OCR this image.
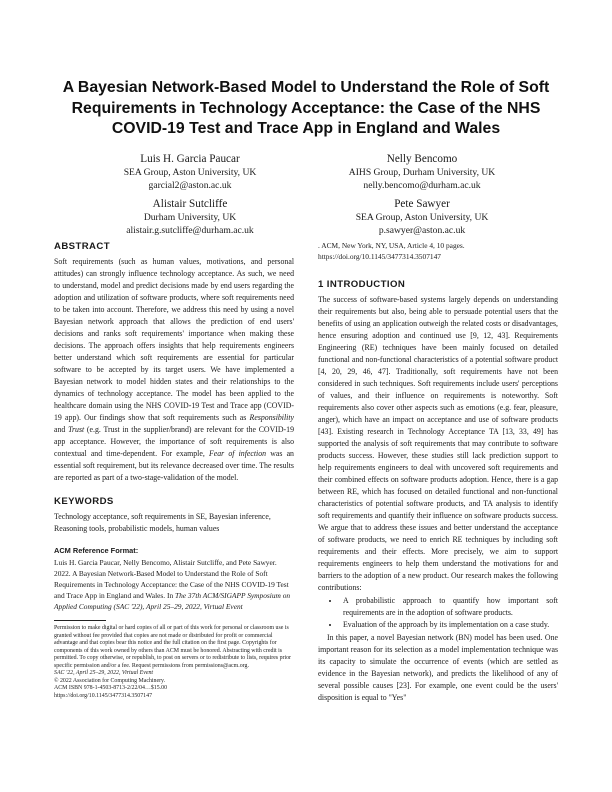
A Bayesian Network-Based Model to Understand the Role of Soft
Requirements in Technology Acceptance: the Case of the NHS
COVID-19 Test and Trace App in England and Wales
Luis H. Garcia Paucar
SEA Group, Aston University, UK
garcial2@aston.ac.uk
Nelly Bencomo
AIHS Group, Durham University, UK
nelly.bencomo@durham.ac.uk
Alistair Sutcliffe
Durham University, UK
alistair.g.sutcliffe@durham.ac.uk
Pete Sawyer
SEA Group, Aston University, UK
p.sawyer@aston.ac.uk
ABSTRACT

Soft requirements (such as human values, motivations, and personal attitudes) can strongly influence technology acceptance. As such, we need to understand, model and predict decisions made by end users regarding the adoption and utilization of software products, where soft requirements need to be taken into account. Therefore, we address this need by using a novel Bayesian network approach that allows the prediction of end users' decisions and ranks soft requirements' importance when making these decisions. The approach offers insights that help requirements engineers better understand which soft requirements are essential for particular software to be accepted by its target users. We have implemented a Bayesian network to model hidden states and their relationships to the dynamics of technology acceptance. The model has been applied to the healthcare domain using the NHS COVID-19 Test and Trace app (COVID-19 app). Our findings show that soft requirements such as Responsibility and Trust (e.g. Trust in the supplier/brand) are relevant for the COVID-19 app acceptance. However, the importance of soft requirements is also contextual and time-dependent. For example, Fear of infection was an essential soft requirement, but its relevance decreased over time. The results are reported as part of a two-stage-validation of the model.

KEYWORDS

Technology acceptance, soft requirements in SE, Bayesian inference, Reasoning tools, probabilistic models, human values

ACM Reference Format:
Luis H. Garcia Paucar, Nelly Bencomo, Alistair Sutcliffe, and Pete Sawyer. 2022. A Bayesian Network-Based Model to Understand the Role of Soft Requirements in Technology Acceptance: the Case of the NHS COVID-19 Test and Trace App in England and Wales. In The 37th ACM/SIGAPP Symposium on Applied Computing (SAC '22), April 25–29, 2022, Virtual Event
Permission to make digital or hard copies of all or part of this work for personal or classroom use is granted without fee provided that copies are not made or distributed for profit or commercial advantage and that copies bear this notice and the full citation on the first page. Copyrights for components of this work owned by others than ACM must be honored. Abstracting with credit is permitted. To copy otherwise, or republish, to post on servers or to redistribute to lists, requires prior specific permission and/or a fee. Request permissions from permissions@acm.org.
SAC '22, April 25–29, 2022, Virtual Event
© 2022 Association for Computing Machinery.
ACM ISBN 978-1-4503-8713-2/22/04…$15.00
https://doi.org/10.1145/3477314.3507147
. ACM, New York, NY, USA, Article 4, 10 pages. https://doi.org/10.1145/3477314.3507147
1 INTRODUCTION

The success of software-based systems largely depends on understanding their requirements but also, being able to persuade potential users that the benefits of using an application outweigh the related costs or disadvantages, hence ensuring adoption and continued use [9, 12, 43]. Requirements Engineering (RE) techniques have been mainly focused on detailed functional and non-functional characteristics of a potential software product [4, 20, 29, 46, 47]. Traditionally, soft requirements have not been considered in such techniques. Soft requirements include users' perceptions of values, and their influence on requirements is noteworthy. Soft requirements also cover other aspects such as emotions (e.g. fear, pleasure, anger), which have an impact on acceptance and use of software products [43]. Existing research in Technology Acceptance TA [13, 33, 49] has supported the analysis of soft requirements that may contribute to software products success. However, these studies still lack prediction support to help requirements engineers to deal with uncovered soft requirements and their combined effects on software products adoption. Hence, there is a gap between RE, which has focused on detailed functional and non-functional characteristics of potential software products, and TA analysis to identify soft requirements and quantify their influence on software products success. We argue that to address these issues and better understand the acceptance of software products, we need to enrich RE techniques by including soft requirements and their effects. More precisely, we aim to support requirements engineers to help them understand the motivations for and barriers to the adoption of a new product. Our research makes the following contributions:

• A probabilistic approach to quantify how important soft requirements are in the adoption of software products.
• Evaluation of the approach by its implementation on a case study.

In this paper, a novel Bayesian network (BN) model has been used. One important reason for its selection as a model implementation technique was its capacity to simulate the occurrence of events (which are settled as evidence in the Bayesian network), and predicts the likelihood of any of several possible causes [23]. For example, one event could be the users' disposition is equal to "Yes"
